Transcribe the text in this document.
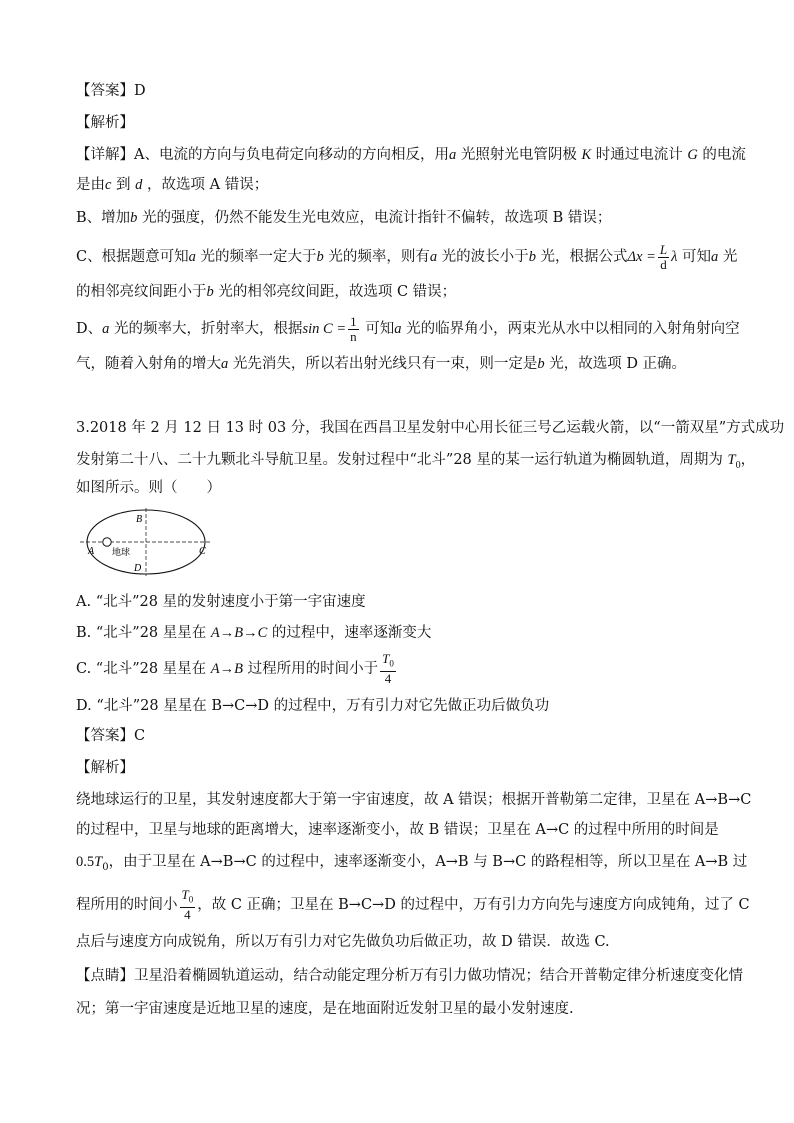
【答案】D
【解析】
【详解】A、电流的方向与负电荷定向移动的方向相反，用a 光照射光电管阴极 K 时通过电流计 G 的电流
是由c 到 d ，故选项 A 错误；
B、增加b 光的强度，仍然不能发生光电效应，电流计指针不偏转，故选项 B 错误；
C、根据题意可知a 光的频率一定大于b 光的频率，则有a 光的波长小于b 光，根据公式$\Delta x = \frac{L}{d}$ λ 可知a 光
的相邻亮纹间距小于b 光的相邻亮纹间距，故选项 C 错误；
D、a 光的频率大，折射率大，根据$\sin C = \frac{1}{n}$ 可知a 光的临界角小，两束光从水中以相同的入射角射向空
气，随着入射角的增大a 光先消失，所以若出射光线只有一束，则一定是b 光，故选项 D 正确。
3.2018 年 2 月 12 日 13 时 03 分，我国在西昌卫星发射中心用长征三号乙运载火箭，以“一箭双星”方式成功
发射第二十八、二十九颗北斗导航卫星。发射过程中“北斗”28 星的某一运行轨道为椭圆轨道，周期为 $T_0$，
如图所示。则（　　）
A
B
C
D
地球
A. “北斗”28 星的发射速度小于第一宇宙速度
B. “北斗”28 星星在 A→B→C 的过程中，速率逐渐变大
C. “北斗”28 星星在 A→B 过程所用的时间小于 $\frac{T_0}{4}$
D. “北斗”28 星星在 B→C→D 的过程中，万有引力对它先做正功后做负功
【答案】C
【解析】
绕地球运行的卫星，其发射速度都大于第一宇宙速度，故 A 错误；根据开普勒第二定律，卫星在 A→B→C
的过程中，卫星与地球的距离增大，速率逐渐变小，故 B 错误；卫星在 A→C 的过程中所用的时间是
$0.5T_0$，由于卫星在 A→B→C 的过程中，速率逐渐变小，A→B 与 B→C 的路程相等，所以卫星在 A→B 过
程所用的时间小 $\frac{T_0}{4}$ ，故 C 正确；卫星在 B→C→D 的过程中，万有引力方向先与速度方向成钝角，过了 C
点后与速度方向成锐角，所以万有引力对它先做负功后做正功，故 D 错误．故选 C.
【点睛】卫星沿着椭圆轨道运动，结合动能定理分析万有引力做功情况；结合开普勒定律分析速度变化情
况；第一宇宙速度是近地卫星的速度，是在地面附近发射卫星的最小发射速度.
